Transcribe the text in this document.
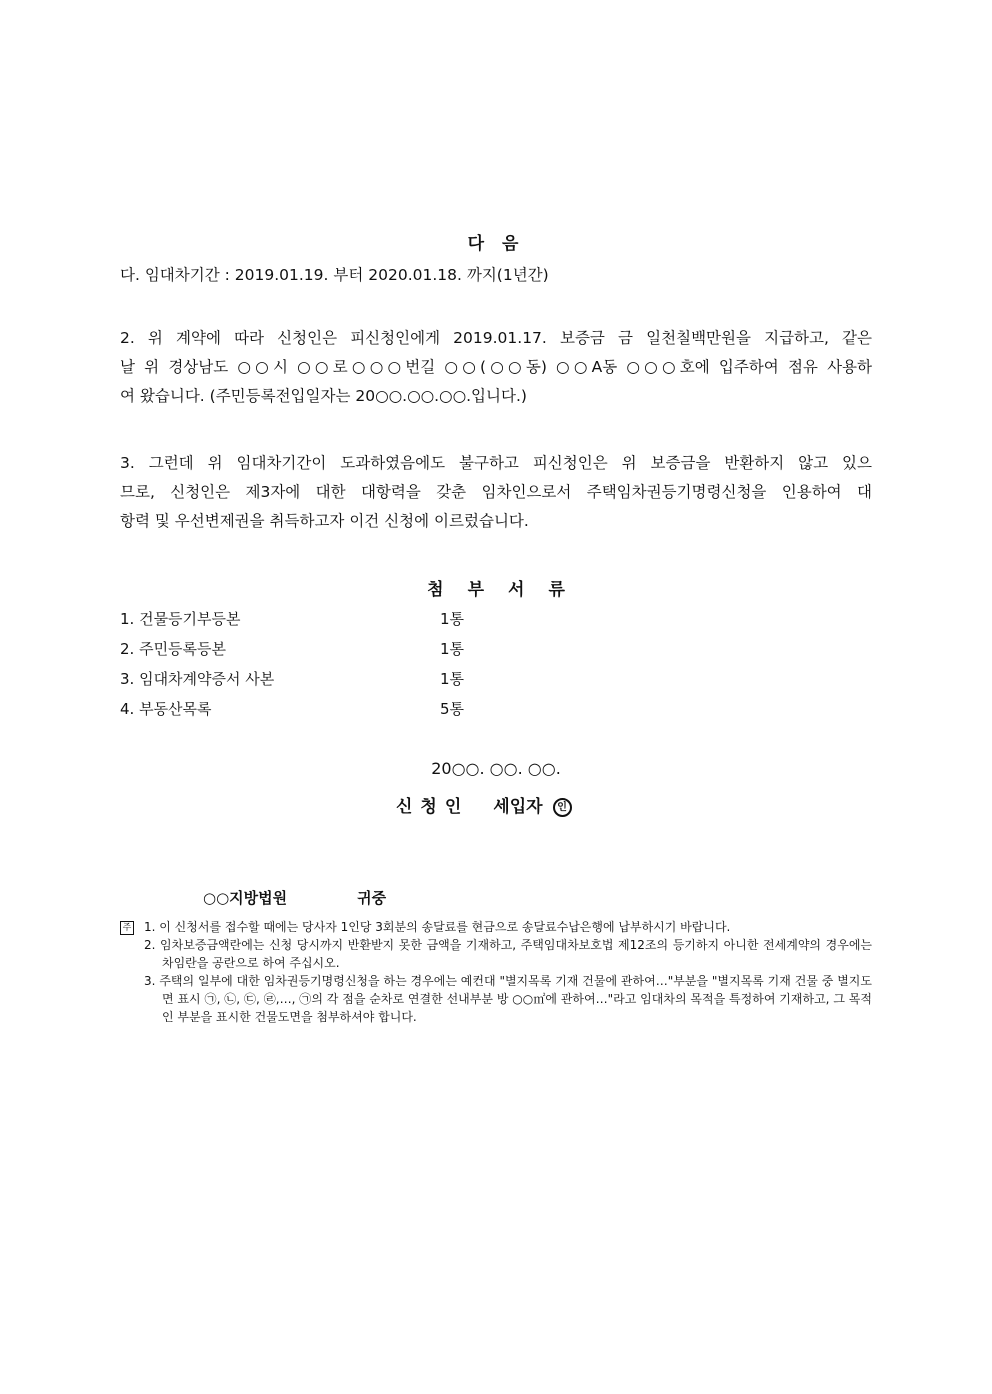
다 음
다. 임대차기간 : 2019.01.19. 부터 2020.01.18. 까지(1년간)
2. 위 계약에 따라 신청인은 피신청인에게 2019.01.17. 보증금 금 일천칠백만원을 지급하고, 같은
날 위 경상남도 ○○시 ○○로○○○번길 ○○(○○동) ○○A동 ○○○호에 입주하여 점유 사용하
여 왔습니다. (주민등록전입일자는 20○○.○○.○○.입니다.)
3. 그런데 위 임대차기간이 도과하였음에도 불구하고 피신청인은 위 보증금을 반환하지 않고 있으
므로, 신청인은 제3자에 대한 대항력을 갖춘 임차인으로서 주택임차권등기명령신청을 인용하여 대
항력 및 우선변제권을 취득하고자 이건 신청에 이르렀습니다.
첨 부 서 류
1. 건물등기부등본	1통
2. 주민등록등본	1통
3. 임대차계약증서 사본	1통
4. 부동산목록	5통
20○○. ○○. ○○.
신청인 세입자 인
○○지방법원	귀중
주 1. 이 신청서를 접수할 때에는 당사자 1인당 3회분의 송달료를 현금으로 송달료수납은행에 납부하시기 바랍니다.
2. 임차보증금액란에는 신청 당시까지 반환받지 못한 금액을 기재하고, 주택임대차보호법 제12조의 등기하지 아니한 전세계약의 경우에는 차임란을 공란으로 하여 주십시오.
3. 주택의 일부에 대한 임차권등기명령신청을 하는 경우에는 예컨대 "별지목록 기재 건물에 관하여…"부분을 "별지목록 기재 건물 중 별지도면 표시 ㉠, ㉡, ㉢, ㉣,…, ㉠의 각 점을 순차로 연결한 선내부분 방 ○○㎡에 관하여…"라고 임대차의 목적을 특정하여 기재하고, 그 목적인 부분을 표시한 건물도면을 첨부하셔야 합니다.
